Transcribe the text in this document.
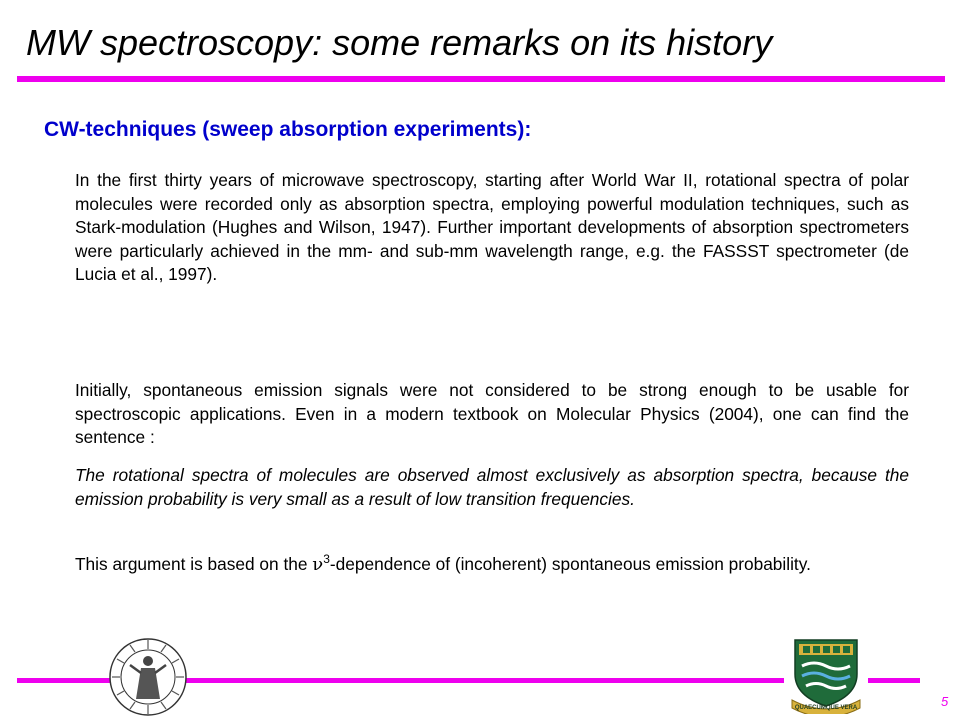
MW spectroscopy: some remarks on its history
CW-techniques (sweep absorption experiments):

In the first thirty years of microwave spectroscopy, starting after World War II, rotational spectra of polar molecules were recorded only as absorption spectra, employing powerful modulation techniques, such as Stark-modulation (Hughes and Wilson, 1947). Further important developments of absorption spectrometers were particularly achieved in the mm- and sub-mm wavelength range, e.g. the FASSST spectrometer (de Lucia et al., 1997).

Initially, spontaneous emission signals were not considered to be strong enough to be usable for spectroscopic applications. Even in a modern textbook on Molecular Physics (2004), one can find the sentence :

The rotational spectra of molecules are observed almost exclusively as absorption spectra, because the emission probability is very small as a result of low transition frequencies.

This argument is based on the $\nu^3$-dependence of (incoherent) spontaneous emission probability.

QUAECUMQUE VERA	5
